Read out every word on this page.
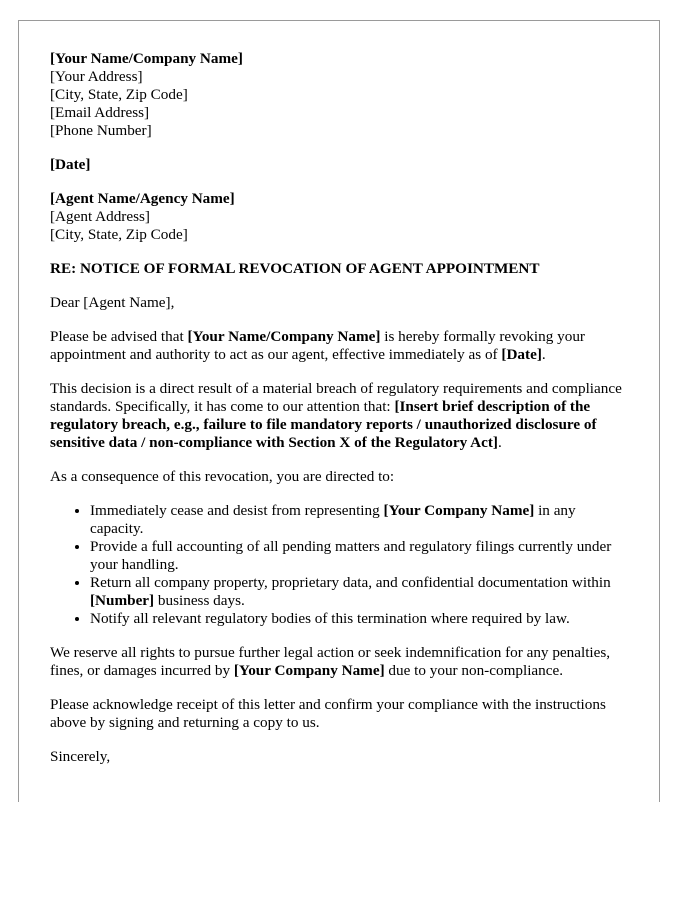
[Your Name/Company Name]
[Your Address]
[City, State, Zip Code]
[Email Address]
[Phone Number]
[Date]
[Agent Name/Agency Name]
[Agent Address]
[City, State, Zip Code]
RE: NOTICE OF FORMAL REVOCATION OF AGENT APPOINTMENT

Dear [Agent Name],

Please be advised that [Your Name/Company Name] is hereby formally revoking your appointment and authority to act as our agent, effective immediately as of [Date].

This decision is a direct result of a material breach of regulatory requirements and compliance standards. Specifically, it has come to our attention that: [Insert brief description of the regulatory breach, e.g., failure to file mandatory reports / unauthorized disclosure of sensitive data / non-compliance with Section X of the Regulatory Act].

As a consequence of this revocation, you are directed to:

• Immediately cease and desist from representing [Your Company Name] in any capacity.
• Provide a full accounting of all pending matters and regulatory filings currently under your handling.
• Return all company property, proprietary data, and confidential documentation within [Number] business days.
• Notify all relevant regulatory bodies of this termination where required by law.

We reserve all rights to pursue further legal action or seek indemnification for any penalties, fines, or damages incurred by [Your Company Name] due to your non-compliance.

Please acknowledge receipt of this letter and confirm your compliance with the instructions above by signing and returning a copy to us.

Sincerely,
